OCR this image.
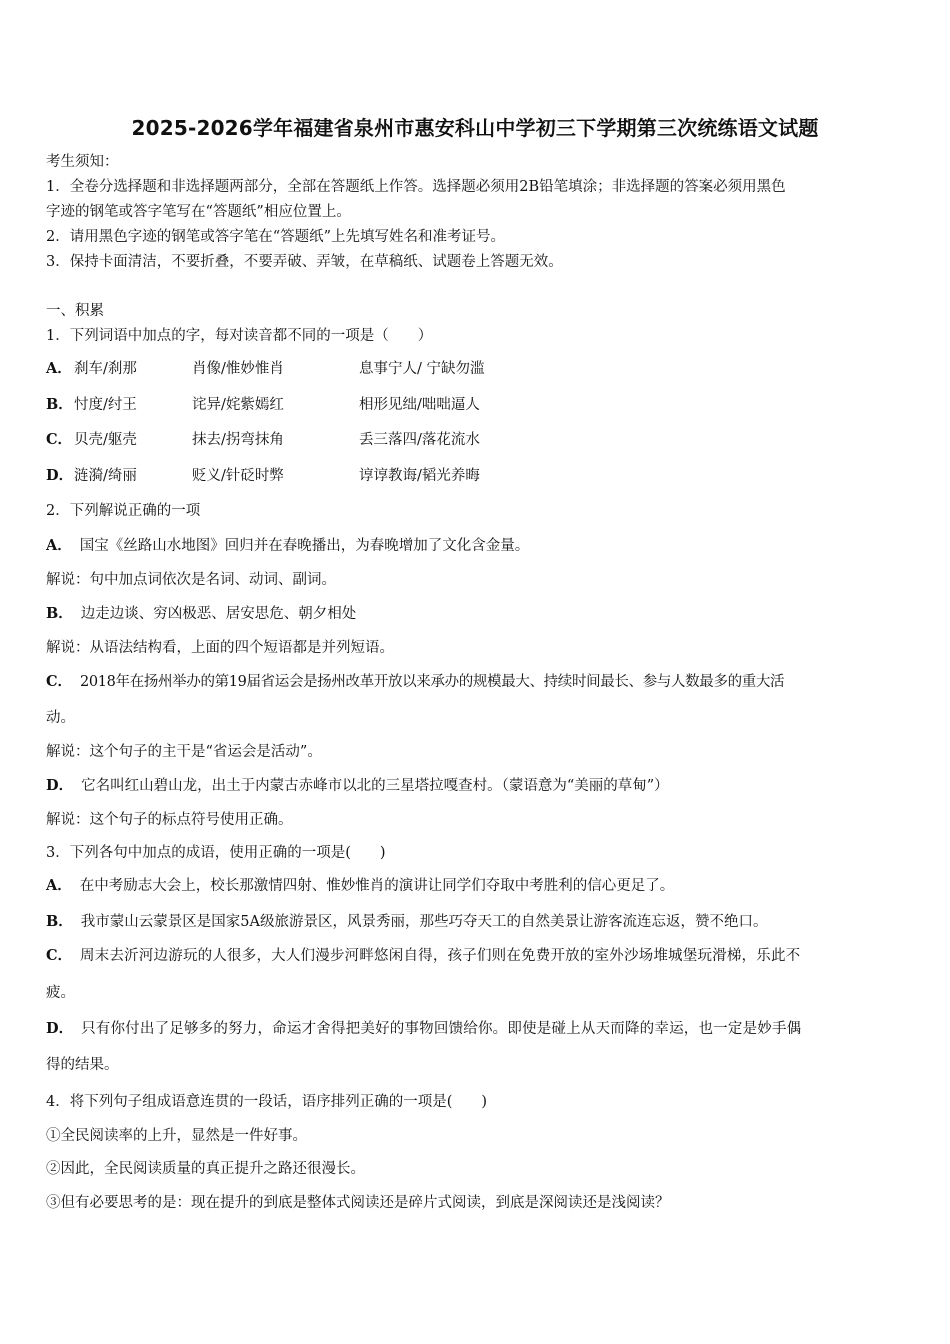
2025-2026学年福建省泉州市惠安科山中学初三下学期第三次统练语文试题
考生须知：
1．全卷分选择题和非选择题两部分，全部在答题纸上作答。选择题必须用2B铅笔填涂；非选择题的答案必须用黑色
字迹的钢笔或答字笔写在“答题纸”相应位置上。
2．请用黑色字迹的钢笔或答字笔在“答题纸”上先填写姓名和准考证号。
3．保持卡面清洁，不要折叠，不要弄破、弄皱，在草稿纸、试题卷上答题无效。
一、积累
1．下列词语中加点的字，每对读音都不同的一项是（　　）
A． 刹车/刹那	肖像/惟妙惟肖	息事宁人/ 宁缺勿滥
B． 忖度/纣王	诧异/姹紫嫣红	相形见绌/咄咄逼人
C． 贝壳/躯壳	抹去/拐弯抹角	丢三落四/落花流水
D． 涟漪/绮丽	贬义/针砭时弊	谆谆教诲/韬光养晦
2．下列解说正确的一项
A． 国宝《丝路山水地图》回归并在春晚播出，为春晚增加了文化含金量。
解说：句中加点词依次是名词、动词、副词。
B． 边走边谈、穷凶极恶、居安思危、朝夕相处
解说：从语法结构看，上面的四个短语都是并列短语。
C． 2018年在扬州举办的第19届省运会是扬州改革开放以来承办的规模最大、持续时间最长、参与人数最多的重大活
动。
解说：这个句子的主干是“省运会是活动”。
D． 它名叫红山碧山龙，出土于内蒙古赤峰市以北的三星塔拉嘎查村。（蒙语意为“美丽的草甸”）
解说：这个句子的标点符号使用正确。
3．下列各句中加点的成语，使用正确的一项是(　　)
A． 在中考励志大会上，校长那激情四射、惟妙惟肖的演讲让同学们夺取中考胜利的信心更足了。
B． 我市蒙山云蒙景区是国家5A级旅游景区，风景秀丽，那些巧夺天工的自然美景让游客流连忘返，赞不绝口。
C． 周末去沂河边游玩的人很多，大人们漫步河畔悠闲自得，孩子们则在免费开放的室外沙场堆城堡玩滑梯，乐此不
疲。
D． 只有你付出了足够多的努力，命运才舍得把美好的事物回馈给你。即使是碰上从天而降的幸运，也一定是妙手偶
得的结果。
4．将下列句子组成语意连贯的一段话，语序排列正确的一项是(　　)
①全民阅读率的上升，显然是一件好事。
②因此，全民阅读质量的真正提升之路还很漫长。
③但有必要思考的是：现在提升的到底是整体式阅读还是碎片式阅读，到底是深阅读还是浅阅读？
